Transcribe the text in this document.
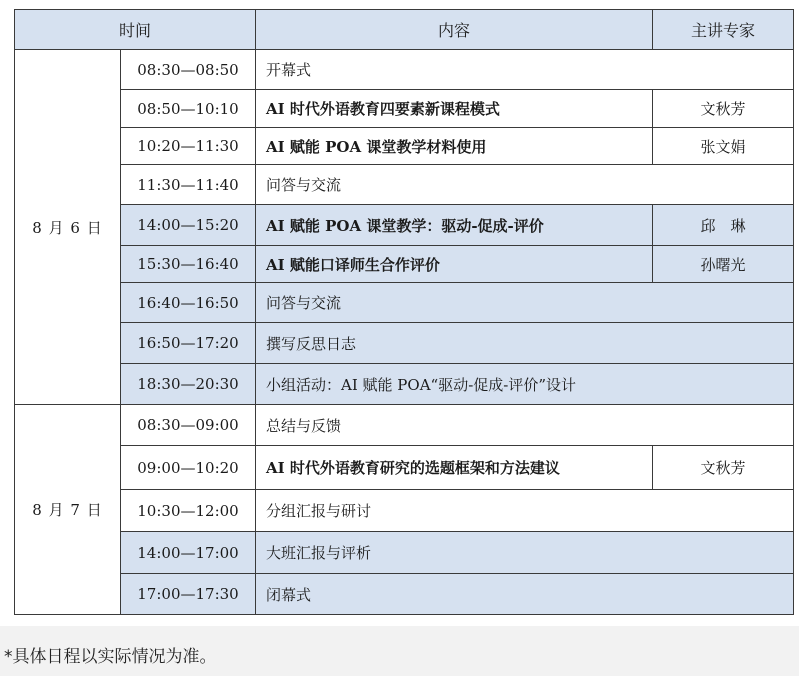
时间		内容	主讲专家
8 月 6 日	08:30—08:50	开幕式	
	08:50—10:10	AI 时代外语教育四要素新课程模式	文秋芳
	10:20—11:30	AI 赋能 POA 课堂教学材料使用	张文娟
	11:30—11:40	问答与交流	
	14:00—15:20	AI 赋能 POA 课堂教学：驱动-促成-评价	邱　琳
	15:30—16:40	AI 赋能口译师生合作评价	孙曙光
	16:40—16:50	问答与交流	
	16:50—17:20	撰写反思日志	
	18:30—20:30	小组活动：AI 赋能 POA“驱动-促成-评价”设计	
8 月 7 日	08:30—09:00	总结与反馈	
	09:00—10:20	AI 时代外语教育研究的选题框架和方法建议	文秋芳
	10:30—12:00	分组汇报与研讨	
	14:00—17:00	大班汇报与评析	
	17:00—17:30	闭幕式	
*具体日程以实际情况为准。
